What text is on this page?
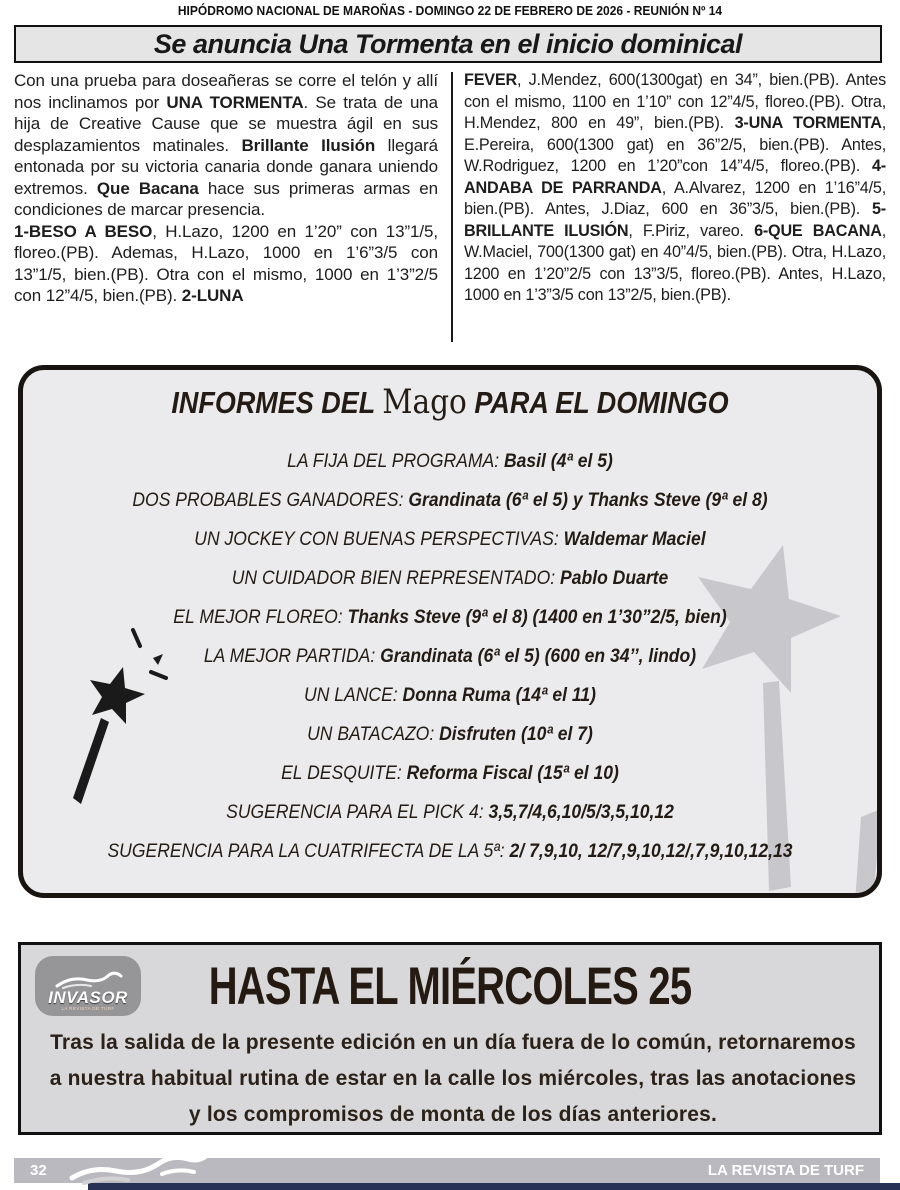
HIPÓDROMO NACIONAL DE MAROÑAS - DOMINGO 22 DE FEBRERO DE 2026 - REUNIÓN Nº 14
Se anuncia Una Tormenta en el inicio dominical
Con una prueba para doseañeras se corre el telón y allí nos inclinamos por UNA TORMENTA. Se trata de una hija de Creative Cause que se muestra ágil en sus desplazamientos matinales. Brillante Ilusión llegará entonada por su victoria canaria donde ganara uniendo extremos. Que Bacana hace sus primeras armas en condiciones de marcar presencia.
1-BESO A BESO, H.Lazo, 1200 en 1’20” con 13”1/5, floreo.(PB). Ademas, H.Lazo, 1000 en 1’6”3/5 con 13”1/5, bien.(PB). Otra con el mismo, 1000 en 1’3”2/5 con 12”4/5, bien.(PB). 2-LUNA
FEVER, J.Mendez, 600(1300gat) en 34”, bien.(PB). Antes con el mismo, 1100 en 1’10” con 12”4/5, floreo.(PB). Otra, H.Mendez, 800 en 49”, bien.(PB). 3-UNA TORMENTA, E.Pereira, 600(1300 gat) en 36”2/5, bien.(PB). Antes, W.Rodriguez, 1200 en 1’20”con 14”4/5, floreo.(PB). 4-ANDABA DE PARRANDA, A.Alvarez, 1200 en 1’16”4/5, bien.(PB). Antes, J.Diaz, 600 en 36”3/5, bien.(PB). 5-BRILLANTE ILUSIÓN, F.Piriz, vareo. 6-QUE BACANA, W.Maciel, 700(1300 gat) en 40”4/5, bien.(PB). Otra, H.Lazo, 1200 en 1’20”2/5 con 13”3/5, floreo.(PB). Antes, H.Lazo, 1000 en 1’3”3/5 con 13”2/5, bien.(PB).
INFORMES DEL Mago PARA EL DOMINGO
LA FIJA DEL PROGRAMA: Basil (4ª el 5)
DOS PROBABLES GANADORES: Grandinata (6ª el 5) y Thanks Steve (9ª el 8)
UN JOCKEY CON BUENAS PERSPECTIVAS: Waldemar Maciel
UN CUIDADOR BIEN REPRESENTADO: Pablo Duarte
EL MEJOR FLOREO: Thanks Steve (9ª el 8) (1400 en 1’30”2/5, bien)
LA MEJOR PARTIDA: Grandinata (6ª el 5) (600 en 34’’, lindo)
UN LANCE: Donna Ruma (14ª el 11)
UN BATACAZO: Disfruten (10ª el 7)
EL DESQUITE: Reforma Fiscal (15ª el 10)
SUGERENCIA PARA EL PICK 4: 3,5,7/4,6,10/5/3,5,10,12
SUGERENCIA PARA LA CUATRIFECTA DE LA 5ª: 2/ 7,9,10, 12/7,9,10,12/,7,9,10,12,13
INVASOR
LA REVISTA DE TURF	HASTA EL MIÉRCOLES 25
Tras la salida de la presente edición en un día fuera de lo común, retornaremos a nuestra habitual rutina de estar en la calle los miércoles, tras las anotaciones y los compromisos de monta de los días anteriores.
32	LA REVISTA DE TURF
